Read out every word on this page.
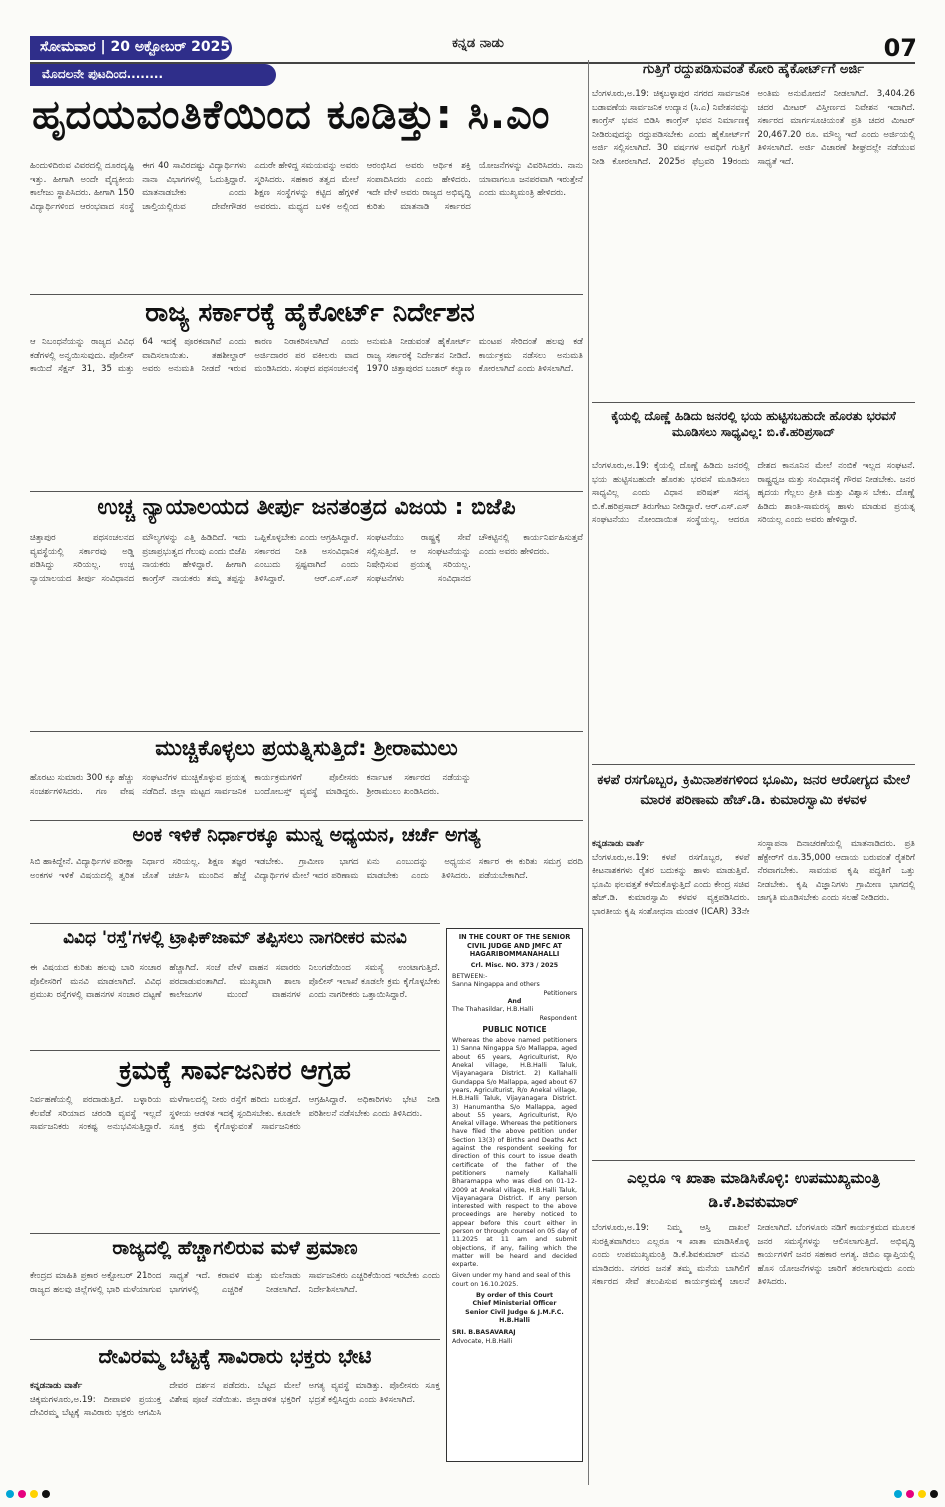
ಸೋಮವಾರ | 20 ಅಕ್ಟೋಬರ್ 2025	ಕನ್ನಡ ನಾಡು	07
ಮೊದಲನೇ ಪುಟದಿಂದ........
ಹೃದಯವಂತಿಕೆಯಿಂದ ಕೂಡಿತ್ತು: ಸಿ.ಎಂ
ಹಿಂದುಳಿದಿರುವ ವಿವರದಲ್ಲಿ ದೂರದೃಷ್ಟಿ ಇತ್ತು. ಹೀಗಾಗಿ ಅಂದೇ ವೈದ್ಯಕೀಯ ಕಾಲೇಜು ಸ್ಥಾಪಿಸಿದರು. ಹೀಗಾಗಿ 150 ವಿದ್ಯಾರ್ಥಿಗಳಿಂದ ಆರಂಭವಾದ ಸಂಸ್ಥೆ ಈಗ 40 ಸಾವಿರದಷ್ಟು ವಿದ್ಯಾರ್ಥಿಗಳು ನಾನಾ ವಿಭಾಗಗಳಲ್ಲಿ ಓದುತ್ತಿದ್ದಾರೆ. ಮಾತನಾಡಬೇಕು ಎಂದು ಚಾಲ್ತಿಯಲ್ಲಿರುವ ದೇವೇಗೌಡರ ಎದುರೇ ಹೇಳಿದ್ದ ಸಮಯವನ್ನು ಅವರು ಸ್ಮರಿಸಿದರು. ಸಹಕಾರ ತತ್ವದ ಮೇಲೆ ಶಿಕ್ಷಣ ಸಂಸ್ಥೆಗಳನ್ನು ಕಟ್ಟಿದ ಹೆಗ್ಗಳಿಕೆ ಅವರದು. ಮಧ್ಯದ ಬಳಿಕ ಅಲ್ಲಿಂದ ಆರಂಭಿಸಿದ ಅವರು ಆರ್ಥಿಕ ಶಕ್ತಿ ಸಂಪಾದಿಸಿದರು ಎಂದು ಹೇಳಿದರು. ಇದೇ ವೇಳೆ ಅವರು ರಾಜ್ಯದ ಅಭಿವೃದ್ಧಿ ಕುರಿತು ಮಾತನಾಡಿ ಸರ್ಕಾರದ ಯೋಜನೆಗಳನ್ನು ವಿವರಿಸಿದರು. ನಾನು ಯಾವಾಗಲೂ ಜನಪರವಾಗಿ ಇರುತ್ತೇನೆ ಎಂದು ಮುಖ್ಯಮಂತ್ರಿ ಹೇಳಿದರು.
ರಾಜ್ಯ ಸರ್ಕಾರಕ್ಕೆ ಹೈಕೋರ್ಟ್ ನಿರ್ದೇಶನ
ಆ ನಿಬಂಧನೆಯನ್ನು ರಾಜ್ಯದ ವಿವಿಧ ಕಡೆಗಳಲ್ಲಿ ಅನ್ವಯಿಸುವುದು. ಪೊಲೀಸ್ ಕಾಯಿದೆ ಸೆಕ್ಷನ್ 31, 35 ಮತ್ತು 64 ಇದಕ್ಕೆ ಪೂರಕವಾಗಿವೆ ಎಂದು ವಾದಿಸಲಾಯಿತು. ತಹಶೀಲ್ದಾರ್ ಅವರು ಅನುಮತಿ ನೀಡದೆ ಇರುವ ಕಾರಣ ನಿರಾಕರಿಸಲಾಗಿದೆ ಎಂದು ಅರ್ಜಿದಾರರ ಪರ ವಕೀಲರು ವಾದ ಮಂಡಿಸಿದರು. ಸಂಘದ ಪಥಸಂಚಲನಕ್ಕೆ ಅನುಮತಿ ನೀಡುವಂತೆ ಹೈಕೋರ್ಟ್ ರಾಜ್ಯ ಸರ್ಕಾರಕ್ಕೆ ನಿರ್ದೇಶನ ನೀಡಿದೆ. 1970 ಚಿತ್ತಾಪುರದ ಬಜಾರ್ ಕಲ್ಯಾಣ ಮಂಟಪ ಸೇರಿದಂತೆ ಹಲವು ಕಡೆ ಕಾರ್ಯಕ್ರಮ ನಡೆಸಲು ಅನುಮತಿ ಕೋರಲಾಗಿದೆ ಎಂದು ತಿಳಿಸಲಾಗಿದೆ.
ಉಚ್ಚ ನ್ಯಾಯಾಲಯದ ತೀರ್ಪು ಜನತಂತ್ರದ ವಿಜಯ : ಬಿಜೆಪಿ
ಚಿತ್ತಾಪುರ ಪಥಸಂಚಲನದ ವ್ಯವಸ್ಥೆಯಲ್ಲಿ ಸರ್ಕಾರವು ಅಡ್ಡಿ ಪಡಿಸಿದ್ದು ಸರಿಯಲ್ಲ. ಉಚ್ಚ ನ್ಯಾಯಾಲಯದ ತೀರ್ಪು ಸಂವಿಧಾನದ ಮೌಲ್ಯಗಳನ್ನು ಎತ್ತಿ ಹಿಡಿದಿದೆ. ಇದು ಪ್ರಜಾಪ್ರಭುತ್ವದ ಗೆಲುವು ಎಂದು ಬಿಜೆಪಿ ನಾಯಕರು ಹೇಳಿದ್ದಾರೆ. ಹೀಗಾಗಿ ಕಾಂಗ್ರೆಸ್ ನಾಯಕರು ತಮ್ಮ ತಪ್ಪನ್ನು ಒಪ್ಪಿಕೊಳ್ಳಬೇಕು ಎಂದು ಆಗ್ರಹಿಸಿದ್ದಾರೆ. ಸರ್ಕಾರದ ನೀತಿ ಅಸಂವಿಧಾನಿಕ ಎಂಬುದು ಸ್ಪಷ್ಟವಾಗಿದೆ ಎಂದು ತಿಳಿಸಿದ್ದಾರೆ. ಆರ್.ಎಸ್.ಎಸ್ ಸಂಘಟನೆಯು ರಾಷ್ಟ್ರಕ್ಕೆ ಸೇವೆ ಸಲ್ಲಿಸುತ್ತಿದೆ. ಆ ಸಂಘಟನೆಯನ್ನು ನಿಷೇಧಿಸುವ ಪ್ರಯತ್ನ ಸರಿಯಲ್ಲ. ಸಂಘಟನೆಗಳು ಸಂವಿಧಾನದ ಚೌಕಟ್ಟಿನಲ್ಲಿ ಕಾರ್ಯನಿರ್ವಹಿಸುತ್ತವೆ ಎಂದು ಅವರು ಹೇಳಿದರು.
ಮುಚ್ಚಿಕೊಳ್ಳಲು ಪ್ರಯತ್ನಿಸುತ್ತಿದೆ: ಶ್ರೀರಾಮುಲು
ಹೊರಟು ಸುಮಾರು 300 ಕ್ಕೂ ಹೆಚ್ಚು ಸಂಚರ್ಶಗಳಿಸಿದರು. ಗಣ ವೇಷ ಸಂಘಟನೆಗಳ ಮುಚ್ಚಿಕೊಳ್ಳುವ ಪ್ರಯತ್ನ ನಡೆದಿದೆ. ಜಿಲ್ಲಾ ಮಟ್ಟದ ಸಾರ್ವಜನಿಕ ಕಾರ್ಯಕ್ರಮಗಳಿಗೆ ಪೊಲೀಸರು ಬಂದೋಬಸ್ತ್ ವ್ಯವಸ್ಥೆ ಮಾಡಿದ್ದರು. ಕರ್ನಾಟಕ ಸರ್ಕಾರದ ನಡೆಯನ್ನು ಶ್ರೀರಾಮುಲು ಖಂಡಿಸಿದರು.
ಅಂಕ ಇಳಿಕೆ ನಿರ್ಧಾರಕ್ಕೂ ಮುನ್ನ ಅಧ್ಯಯನ, ಚರ್ಚೆ ಅಗತ್ಯ
ಸಿಬಿ ಹಾಕಿದ್ದೇನೆ. ವಿದ್ಯಾರ್ಥಿಗಳ ಪರೀಕ್ಷಾ ಅಂಕಗಳ ಇಳಿಕೆ ವಿಷಯದಲ್ಲಿ ತ್ವರಿತ ನಿರ್ಧಾರ ಸರಿಯಲ್ಲ. ಶಿಕ್ಷಣ ತಜ್ಞರ ಜೊತೆ ಚರ್ಚಿಸಿ ಮುಂದಿನ ಹೆಜ್ಜೆ ಇಡಬೇಕು. ಗ್ರಾಮೀಣ ಭಾಗದ ವಿದ್ಯಾರ್ಥಿಗಳ ಮೇಲೆ ಇದರ ಪರಿಣಾಮ ಏನು ಎಂಬುದನ್ನು ಅಧ್ಯಯನ ಮಾಡಬೇಕು ಎಂದು ತಿಳಿಸಿದರು. ಸರ್ಕಾರ ಈ ಕುರಿತು ಸಮಗ್ರ ವರದಿ ಪಡೆಯಬೇಕಾಗಿದೆ.
ವಿವಿಧ 'ರಸ್ತೆ'ಗಳಲ್ಲಿ ಟ್ರಾಫಿಕ್‌ಜಾಮ್ ತಪ್ಪಿಸಲು ನಾಗರೀಕರ ಮನವಿ
ಈ ವಿಷಯದ ಕುರಿತು ಹಲವು ಬಾರಿ ಸಂಚಾರ ಪೊಲೀಸರಿಗೆ ಮನವಿ ಮಾಡಲಾಗಿದೆ. ವಿವಿಧ ಪ್ರಮುಖ ರಸ್ತೆಗಳಲ್ಲಿ ವಾಹನಗಳ ಸಂಚಾರ ದಟ್ಟಣೆ ಹೆಚ್ಚಾಗಿದೆ. ಸಂಜೆ ವೇಳೆ ವಾಹನ ಸವಾರರು ಪರದಾಡುವಂತಾಗಿದೆ. ಮುಖ್ಯವಾಗಿ ಶಾಲಾ ಕಾಲೇಜುಗಳ ಮುಂದೆ ವಾಹನಗಳ ನಿಲುಗಡೆಯಿಂದ ಸಮಸ್ಯೆ ಉಂಟಾಗುತ್ತಿದೆ. ಪೊಲೀಸ್ ಇಲಾಖೆ ಕೂಡಲೇ ಕ್ರಮ ಕೈಗೊಳ್ಳಬೇಕು ಎಂದು ನಾಗರೀಕರು ಒತ್ತಾಯಿಸಿದ್ದಾರೆ.
ಕ್ರಮಕ್ಕೆ ಸಾರ್ವಜನಿಕರ ಆಗ್ರಹ
ನಿರ್ವಹಣೆಯಲ್ಲಿ ಪರದಾಡುತ್ತಿದೆ. ಬಳ್ಳಾರಿಯ ಕೆಲವೆಡೆ ಸರಿಯಾದ ಚರಂಡಿ ವ್ಯವಸ್ಥೆ ಇಲ್ಲದೆ ಸಾರ್ವಜನಿಕರು ಸಂಕಷ್ಟ ಅನುಭವಿಸುತ್ತಿದ್ದಾರೆ. ಮಳೆಗಾಲದಲ್ಲಿ ನೀರು ರಸ್ತೆಗೆ ಹರಿದು ಬರುತ್ತದೆ. ಸ್ಥಳೀಯ ಆಡಳಿತ ಇದಕ್ಕೆ ಸ್ಪಂದಿಸಬೇಕು. ಕೂಡಲೇ ಸೂಕ್ತ ಕ್ರಮ ಕೈಗೊಳ್ಳುವಂತೆ ಸಾರ್ವಜನಿಕರು ಆಗ್ರಹಿಸಿದ್ದಾರೆ. ಅಧಿಕಾರಿಗಳು ಭೇಟಿ ನೀಡಿ ಪರಿಶೀಲನೆ ನಡೆಸಬೇಕು ಎಂದು ತಿಳಿಸಿದರು.
ರಾಜ್ಯದಲ್ಲಿ ಹೆಚ್ಚಾಗಲಿರುವ ಮಳೆ ಪ್ರಮಾಣ
ಕೇಂದ್ರದ ಮಾಹಿತಿ ಪ್ರಕಾರ ಅಕ್ಟೋಬರ್ 21ರಿಂದ ರಾಜ್ಯದ ಹಲವು ಜಿಲ್ಲೆಗಳಲ್ಲಿ ಭಾರಿ ಮಳೆಯಾಗುವ ಸಾಧ್ಯತೆ ಇದೆ. ಕರಾವಳಿ ಮತ್ತು ಮಲೆನಾಡು ಭಾಗಗಳಲ್ಲಿ ಎಚ್ಚರಿಕೆ ನೀಡಲಾಗಿದೆ. ಸಾರ್ವಜನಿಕರು ಎಚ್ಚರಿಕೆಯಿಂದ ಇರಬೇಕು ಎಂದು ನಿರ್ದೇಶಿಸಲಾಗಿದೆ.
ದೇವಿರಮ್ಮ ಬೆಟ್ಟಕ್ಕೆ ಸಾವಿರಾರು ಭಕ್ತರು ಭೇಟಿ
ಕನ್ನಡನಾಡು ವಾರ್ತೆ
ಚಿಕ್ಕಮಗಳೂರು,ಅ.19: ದೀಪಾವಳಿ ಪ್ರಯುಕ್ತ ದೇವಿರಮ್ಮ ಬೆಟ್ಟಕ್ಕೆ ಸಾವಿರಾರು ಭಕ್ತರು ಆಗಮಿಸಿ ದೇವರ ದರ್ಶನ ಪಡೆದರು. ಬೆಟ್ಟದ ಮೇಲೆ ವಿಶೇಷ ಪೂಜೆ ನಡೆಯಿತು. ಜಿಲ್ಲಾಡಳಿತ ಭಕ್ತರಿಗೆ ಅಗತ್ಯ ವ್ಯವಸ್ಥೆ ಮಾಡಿತ್ತು. ಪೊಲೀಸರು ಸೂಕ್ತ ಭದ್ರತೆ ಕಲ್ಪಿಸಿದ್ದರು ಎಂದು ತಿಳಿಸಲಾಗಿದೆ.
IN THE COURT OF THE SENIOR CIVIL JUDGE AND JMFC AT HAGARIBOMMANAHALLI
Crl. Misc. NO. 373 / 2025
BETWEEN:-
Sanna Ningappa and others
Petitioners
And
The Thahasildar, H.B.Halli
Respondent
PUBLIC NOTICE
Whereas the above named petitioners 1) Sanna Ningappa S/o Mallappa, aged about 65 years, Agriculturist, R/o Anekal village, H.B.Halli Taluk, Vijayanagara District. 2) Kallahalli Gundappa S/o Mallappa, aged about 67 years, Agriculturist, R/o Anekal village, H.B.Halli Taluk, Vijayanagara District. 3) Hanumantha S/o Mallappa, aged about 55 years, Agriculturist, R/o Anekal village. Whereas the petitioners have filed the above petition under Section 13(3) of Births and Deaths Act against the respondent seeking for direction of this court to issue death certificate of the father of the petitioners namely Kallahalli Bharamappa who was died on 01-12-2009 at Anekal village, H.B.Halli Taluk, Vijayanagara District. If any person interested with respect to the above proceedings are hereby noticed to appear before this court either in person or through counsel on 05 day of 11.2025 at 11 am and submit objections, if any, failing which the matter will be heard and decided exparte.
Given under my hand and seal of this court on 16.10.2025.
By order of this Court
Chief Ministerial Officer
Senior Civil Judge & J.M.F.C.
H.B.Halli
SRI. B.BASAVARAJ
Advocate, H.B.Halli
ಗುತ್ತಿಗೆ ರದ್ದುಪಡಿಸುವಂತೆ ಕೋರಿ ಹೈಕೋರ್ಟ್‌ಗೆ ಅರ್ಜಿ
ಬೆಂಗಳೂರು,ಅ.19: ಚಿಕ್ಕಬಳ್ಳಾಪುರ ನಗರದ ಸಾರ್ವಜನಿಕ ಬಡಾವಣೆಯ ಸಾರ್ವಜನಿಕ ಉದ್ಯಾನ (ಸಿ.ಎ) ನಿವೇಶನವನ್ನು ಕಾಂಗ್ರೆಸ್ ಭವನ ಬಿಡಿಸಿ ಕಾಂಗ್ರೆಸ್ ಭವನ ನಿರ್ಮಾಣಕ್ಕೆ ನೀಡಿರುವುದನ್ನು ರದ್ದುಪಡಿಸಬೇಕು ಎಂದು ಹೈಕೋರ್ಟ್‌ಗೆ ಅರ್ಜಿ ಸಲ್ಲಿಸಲಾಗಿದೆ. 30 ವರ್ಷಗಳ ಅವಧಿಗೆ ಗುತ್ತಿಗೆ ನೀಡಿ ಕೋರಲಾಗಿದೆ. 2025ರ ಫೆಬ್ರವರಿ 19ರಂದು ಅಂತಿಮ ಅನುಮೋದನೆ ನೀಡಲಾಗಿದೆ. 3,404.26 ಚದರ ಮೀಟರ್ ವಿಸ್ತೀರ್ಣದ ನಿವೇಶನ ಇದಾಗಿದೆ. ಸರ್ಕಾರದ ಮಾರ್ಗಸೂಚಿಯಂತೆ ಪ್ರತಿ ಚದರ ಮೀಟರ್ 20,467.20 ರೂ. ಮೌಲ್ಯ ಇದೆ ಎಂದು ಅರ್ಜಿಯಲ್ಲಿ ತಿಳಿಸಲಾಗಿದೆ. ಅರ್ಜಿ ವಿಚಾರಣೆ ಶೀಘ್ರದಲ್ಲೇ ನಡೆಯುವ ಸಾಧ್ಯತೆ ಇದೆ.
ಕೈಯಲ್ಲಿ ದೊಣ್ಣೆ ಹಿಡಿದು ಜನರಲ್ಲಿ ಭಯ ಹುಟ್ಟಿಸಬಹುದೇ ಹೊರತು ಭರವಸೆ ಮೂಡಿಸಲು ಸಾಧ್ಯವಿಲ್ಲ: ಬಿ.ಕೆ.ಹರಿಪ್ರಸಾದ್
ಬೆಂಗಳೂರು,ಅ.19: ಕೈಯಲ್ಲಿ ದೊಣ್ಣೆ ಹಿಡಿದು ಜನರಲ್ಲಿ ಭಯ ಹುಟ್ಟಿಸಬಹುದೇ ಹೊರತು ಭರವಸೆ ಮೂಡಿಸಲು ಸಾಧ್ಯವಿಲ್ಲ ಎಂದು ವಿಧಾನ ಪರಿಷತ್ ಸದಸ್ಯ ಬಿ.ಕೆ.ಹರಿಪ್ರಸಾದ್ ತಿರುಗೇಟು ನೀಡಿದ್ದಾರೆ. ಆರ್.ಎಸ್.ಎಸ್ ಸಂಘಟನೆಯು ನೋಂದಾಯಿತ ಸಂಸ್ಥೆಯಲ್ಲ. ಆದರೂ ದೇಶದ ಕಾನೂನಿನ ಮೇಲೆ ನಂಬಿಕೆ ಇಲ್ಲದ ಸಂಘಟನೆ. ರಾಷ್ಟ್ರಧ್ವಜ ಮತ್ತು ಸಂವಿಧಾನಕ್ಕೆ ಗೌರವ ನೀಡಬೇಕು. ಜನರ ಹೃದಯ ಗೆಲ್ಲಲು ಪ್ರೀತಿ ಮತ್ತು ವಿಶ್ವಾಸ ಬೇಕು. ದೊಣ್ಣೆ ಹಿಡಿದು ಶಾಂತಿ-ಸಾಮರಸ್ಯ ಹಾಳು ಮಾಡುವ ಪ್ರಯತ್ನ ಸರಿಯಲ್ಲ ಎಂದು ಅವರು ಹೇಳಿದ್ದಾರೆ.
ಕಳಪೆ ರಸಗೊಬ್ಬರ, ಕ್ರಿಮಿನಾಶಕಗಳಿಂದ ಭೂಮಿ, ಜನರ ಆರೋಗ್ಯದ ಮೇಲೆ ಮಾರಕ ಪರಿಣಾಮ ಹೆಚ್.ಡಿ. ಕುಮಾರಸ್ವಾಮಿ ಕಳವಳ
ಕನ್ನಡನಾಡು ವಾರ್ತೆ
ಬೆಂಗಳೂರು,ಅ.19: ಕಳಪೆ ರಸಗೊಬ್ಬರ, ಕಳಪೆ ಕೀಟನಾಶಕಗಳು ರೈತರ ಬದುಕನ್ನು ಹಾಳು ಮಾಡುತ್ತಿವೆ. ಭೂಮಿ ಫಲವತ್ತತೆ ಕಳೆದುಕೊಳ್ಳುತ್ತಿದೆ ಎಂದು ಕೇಂದ್ರ ಸಚಿವ ಹೆಚ್.ಡಿ. ಕುಮಾರಸ್ವಾಮಿ ಕಳವಳ ವ್ಯಕ್ತಪಡಿಸಿದರು. ಭಾರತೀಯ ಕೃಷಿ ಸಂಶೋಧನಾ ಮಂಡಳಿ (ICAR) 33ನೇ ಸಂಸ್ಥಾಪನಾ ದಿನಾಚರಣೆಯಲ್ಲಿ ಮಾತನಾಡಿದರು. ಪ್ರತಿ ಹೆಕ್ಟೇರ್‌ಗೆ ರೂ.35,000 ಆದಾಯ ಬರುವಂತೆ ರೈತರಿಗೆ ನೆರವಾಗಬೇಕು. ಸಾವಯವ ಕೃಷಿ ಪದ್ಧತಿಗೆ ಒತ್ತು ನೀಡಬೇಕು. ಕೃಷಿ ವಿಜ್ಞಾನಿಗಳು ಗ್ರಾಮೀಣ ಭಾಗದಲ್ಲಿ ಜಾಗೃತಿ ಮೂಡಿಸಬೇಕು ಎಂದು ಸಲಹೆ ನೀಡಿದರು.
ಎಲ್ಲರೂ ಇ ಖಾತಾ ಮಾಡಿಸಿಕೊಳ್ಳಿ: ಉಪಮುಖ್ಯಮಂತ್ರಿ ಡಿ.ಕೆ.ಶಿವಕುಮಾರ್
ಬೆಂಗಳೂರು,ಅ.19: ನಿಮ್ಮ ಆಸ್ತಿ ದಾಖಲೆ ಸುರಕ್ಷಿತವಾಗಿರಲು ಎಲ್ಲರೂ ಇ ಖಾತಾ ಮಾಡಿಸಿಕೊಳ್ಳಿ ಎಂದು ಉಪಮುಖ್ಯಮಂತ್ರಿ ಡಿ.ಕೆ.ಶಿವಕುಮಾರ್ ಮನವಿ ಮಾಡಿದರು. ನಗರದ ಜನತೆ ತಮ್ಮ ಮನೆಯ ಬಾಗಿಲಿಗೆ ಸರ್ಕಾರದ ಸೇವೆ ತಲುಪಿಸುವ ಕಾರ್ಯಕ್ರಮಕ್ಕೆ ಚಾಲನೆ ನೀಡಲಾಗಿದೆ. ಬೆಂಗಳೂರು ನಡಿಗೆ ಕಾರ್ಯಕ್ರಮದ ಮೂಲಕ ಜನರ ಸಮಸ್ಯೆಗಳನ್ನು ಆಲಿಸಲಾಗುತ್ತಿದೆ. ಅಭಿವೃದ್ಧಿ ಕಾರ್ಯಗಳಿಗೆ ಜನರ ಸಹಕಾರ ಅಗತ್ಯ. ಜಿಬಿಎ ವ್ಯಾಪ್ತಿಯಲ್ಲಿ ಹೊಸ ಯೋಜನೆಗಳನ್ನು ಜಾರಿಗೆ ತರಲಾಗುವುದು ಎಂದು ತಿಳಿಸಿದರು.
